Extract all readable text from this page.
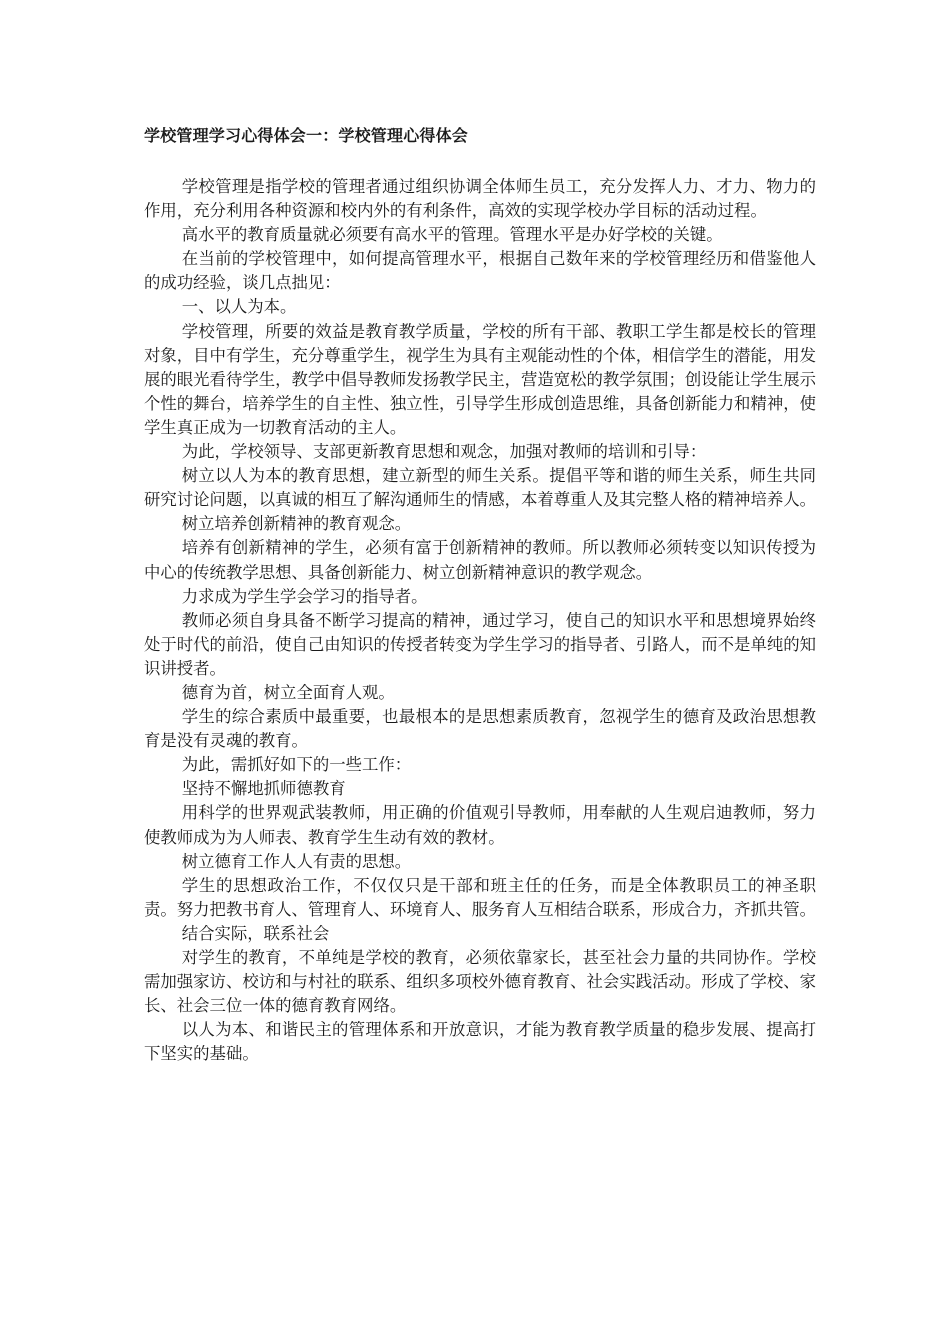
学校管理学习心得体会一：学校管理心得体会

学校管理是指学校的管理者通过组织协调全体师生员工，充分发挥人力、才力、物力的作用，充分利用各种资源和校内外的有利条件，高效的实现学校办学目标的活动过程。

高水平的教育质量就必须要有高水平的管理。管理水平是办好学校的关键。

在当前的学校管理中，如何提高管理水平，根据自己数年来的学校管理经历和借鉴他人的成功经验，谈几点拙见：

一、以人为本。

学校管理，所要的效益是教育教学质量，学校的所有干部、教职工学生都是校长的管理对象，目中有学生，充分尊重学生，视学生为具有主观能动性的个体，相信学生的潜能，用发展的眼光看待学生，教学中倡导教师发扬教学民主，营造宽松的教学氛围；创设能让学生展示个性的舞台，培养学生的自主性、独立性，引导学生形成创造思维，具备创新能力和精神，使学生真正成为一切教育活动的主人。

为此，学校领导、支部更新教育思想和观念，加强对教师的培训和引导：

树立以人为本的教育思想，建立新型的师生关系。提倡平等和谐的师生关系，师生共同研究讨论问题，以真诚的相互了解沟通师生的情感，本着尊重人及其完整人格的精神培养人。

树立培养创新精神的教育观念。

培养有创新精神的学生，必须有富于创新精神的教师。所以教师必须转变以知识传授为中心的传统教学思想、具备创新能力、树立创新精神意识的教学观念。

力求成为学生学会学习的指导者。

教师必须自身具备不断学习提高的精神，通过学习，使自己的知识水平和思想境界始终处于时代的前沿，使自己由知识的传授者转变为学生学习的指导者、引路人，而不是单纯的知识讲授者。

德育为首，树立全面育人观。

学生的综合素质中最重要，也最根本的是思想素质教育，忽视学生的德育及政治思想教育是没有灵魂的教育。

为此，需抓好如下的一些工作：

坚持不懈地抓师德教育

用科学的世界观武装教师，用正确的价值观引导教师，用奉献的人生观启迪教师，努力使教师成为为人师表、教育学生生动有效的教材。

树立德育工作人人有责的思想。

学生的思想政治工作，不仅仅只是干部和班主任的任务，而是全体教职员工的神圣职责。努力把教书育人、管理育人、环境育人、服务育人互相结合联系，形成合力，齐抓共管。

结合实际，联系社会

对学生的教育，不单纯是学校的教育，必须依靠家长，甚至社会力量的共同协作。学校需加强家访、校访和与村社的联系、组织多项校外德育教育、社会实践活动。形成了学校、家长、社会三位一体的德育教育网络。

以人为本、和谐民主的管理体系和开放意识，才能为教育教学质量的稳步发展、提高打下坚实的基础。
